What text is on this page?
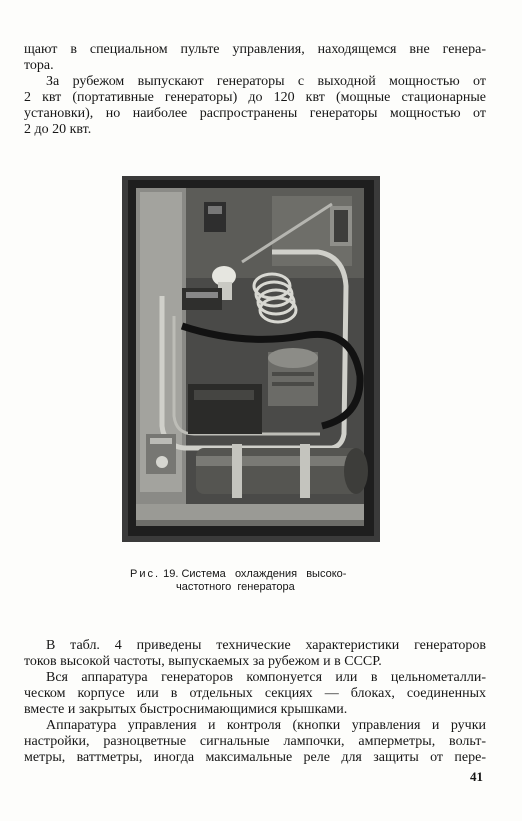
щают в специальном пульте управления, находящемся вне генера-
тора.
За рубежом выпускают генераторы с выходной мощностью от
2 квт (портативные генераторы) до 120 квт (мощные стационарные
установки), но наиболее распространены генераторы мощностью от
2 до 20 квт.
Рис. 19. Система   охлаждения   высоко-
частотного  генератора
В табл. 4 приведены технические характеристики генераторов
токов высокой частоты, выпускаемых за рубежом и в СССР.
Вся аппаратура генераторов компонуется или в цельнометалли-
ческом корпусе или в отдельных секциях — блоках, соединенных
вместе и закрытых быстроснимающимися крышками.
Аппаратура управления и контроля (кнопки управления и ручки
настройки, разноцветные сигнальные лампочки, амперметры, вольт-
метры, ваттметры, иногда максимальные реле для защиты от пере-
41
